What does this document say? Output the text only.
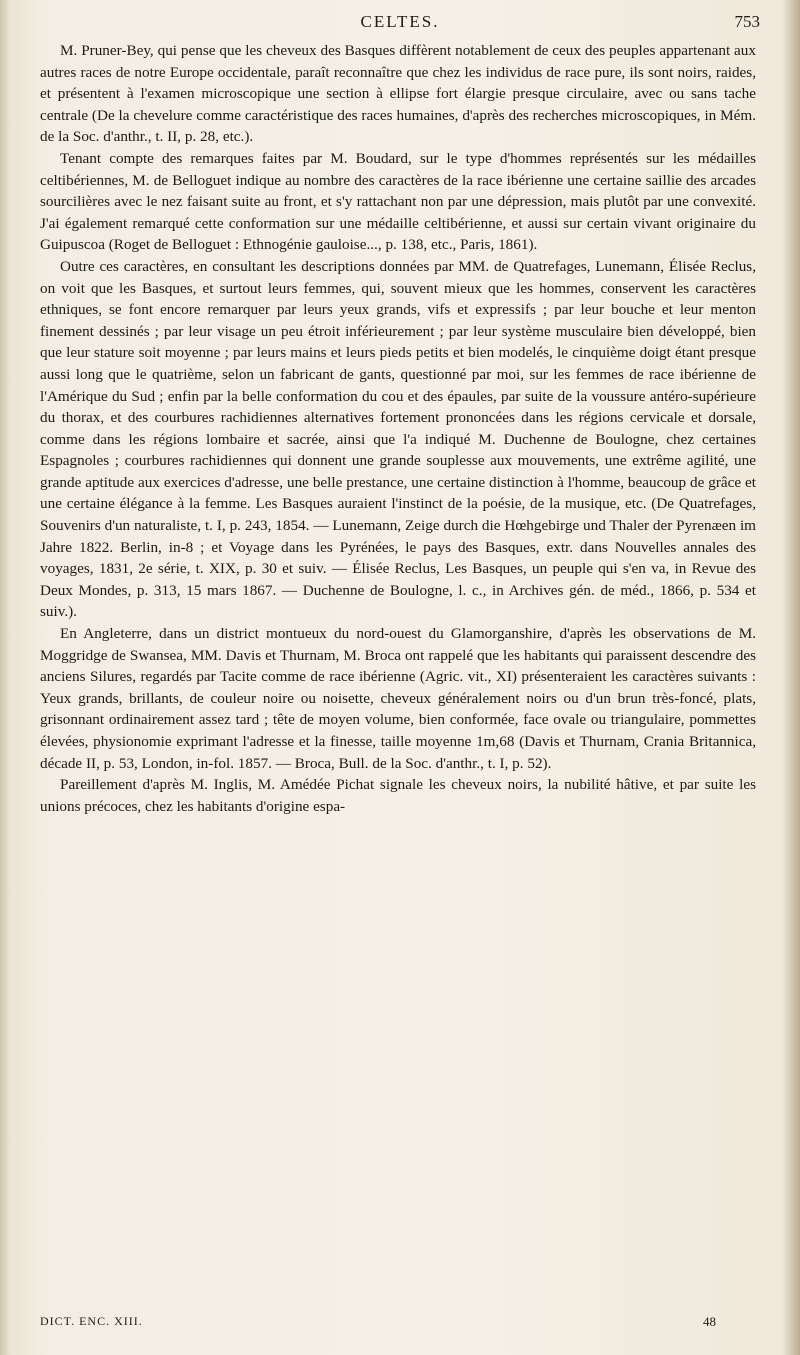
CELTES.	753

M. Pruner-Bey, qui pense que les cheveux des Basques diffèrent notablement de ceux des peuples appartenant aux autres races de notre Europe occidentale, paraît reconnaître que chez les individus de race pure, ils sont noirs, raides, et présentent à l'examen microscopique une section à ellipse fort élargie presque circulaire, avec ou sans tache centrale (De la chevelure comme caractéristique des races humaines, d'après des recherches microscopiques, in Mém. de la Soc. d'anthr., t. II, p. 28, etc.).

Tenant compte des remarques faites par M. Boudard, sur le type d'hommes représentés sur les médailles celtibériennes, M. de Belloguet indique au nombre des caractères de la race ibérienne une certaine saillie des arcades sourcilières avec le nez faisant suite au front, et s'y rattachant non par une dépression, mais plutôt par une convexité. J'ai également remarqué cette conformation sur une médaille celtibérienne, et aussi sur certain vivant originaire du Guipuscoa (Roget de Belloguet : Ethnogénie gauloise..., p. 138, etc., Paris, 1861).

Outre ces caractères, en consultant les descriptions données par MM. de Quatrefages, Lunemann, Élisée Reclus, on voit que les Basques, et surtout leurs femmes, qui, souvent mieux que les hommes, conservent les caractères ethniques, se font encore remarquer par leurs yeux grands, vifs et expressifs ; par leur bouche et leur menton finement dessinés ; par leur visage un peu étroit inférieurement ; par leur système musculaire bien développé, bien que leur stature soit moyenne ; par leurs mains et leurs pieds petits et bien modelés, le cinquième doigt étant presque aussi long que le quatrième, selon un fabricant de gants, questionné par moi, sur les femmes de race ibérienne de l'Amérique du Sud ; enfin par la belle conformation du cou et des épaules, par suite de la voussure antéro-supérieure du thorax, et des courbures rachidiennes alternatives fortement prononcées dans les régions cervicale et dorsale, comme dans les régions lombaire et sacrée, ainsi que l'a indiqué M. Duchenne de Boulogne, chez certaines Espagnoles ; courbures rachidiennes qui donnent une grande souplesse aux mouvements, une extrême agilité, une grande aptitude aux exercices d'adresse, une belle prestance, une certaine distinction à l'homme, beaucoup de grâce et une certaine élégance à la femme. Les Basques auraient l'instinct de la poésie, de la musique, etc. (De Quatrefages, Souvenirs d'un naturaliste, t. I, p. 243, 1854. — Lunemann, Zeige durch die Hœhgebirge und Thaler der Pyrenæen im Jahre 1822. Berlin, in-8 ; et Voyage dans les Pyrénées, le pays des Basques, extr. dans Nouvelles annales des voyages, 1831, 2e série, t. XIX, p. 30 et suiv. — Élisée Reclus, Les Basques, un peuple qui s'en va, in Revue des Deux Mondes, p. 313, 15 mars 1867. — Duchenne de Boulogne, l. c., in Archives gén. de méd., 1866, p. 534 et suiv.).

En Angleterre, dans un district montueux du nord-ouest du Glamorganshire, d'après les observations de M. Moggridge de Swansea, MM. Davis et Thurnam, M. Broca ont rappelé que les habitants qui paraissent descendre des anciens Silures, regardés par Tacite comme de race ibérienne (Agric. vit., XI) présenteraient les caractères suivants : Yeux grands, brillants, de couleur noire ou noisette, cheveux généralement noirs ou d'un brun très-foncé, plats, grisonnant ordinairement assez tard ; tête de moyen volume, bien conformée, face ovale ou triangulaire, pommettes élevées, physionomie exprimant l'adresse et la finesse, taille moyenne 1m,68 (Davis et Thurnam, Crania Britannica, décade II, p. 53, London, in-fol. 1857. — Broca, Bull. de la Soc. d'anthr., t. I, p. 52).

Pareillement d'après M. Inglis, M. Amédée Pichat signale les cheveux noirs, la nubilité hâtive, et par suite les unions précoces, chez les habitants d'origine espa-

DICT. ENC. XIII.	48
